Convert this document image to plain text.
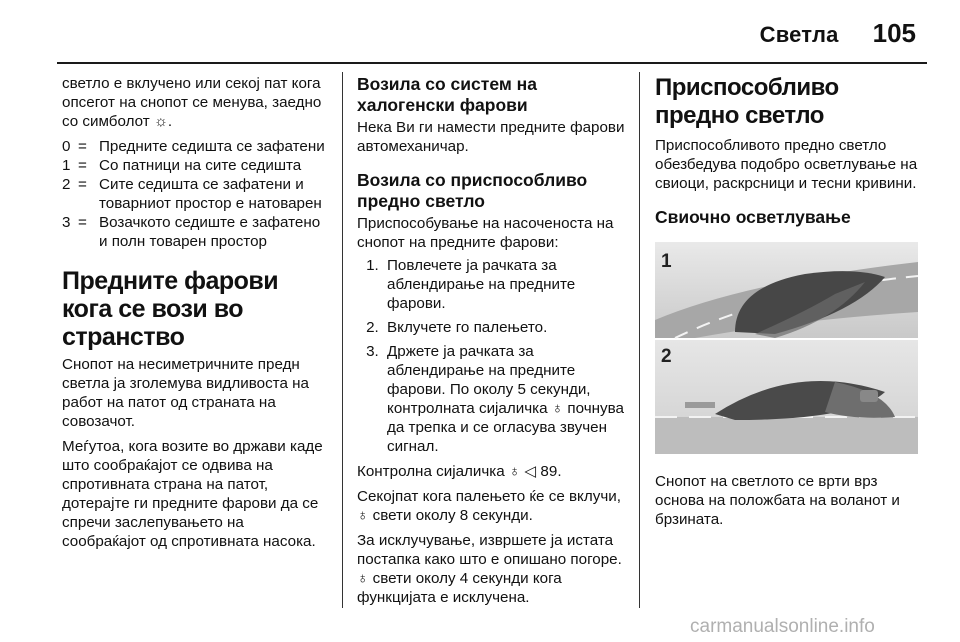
Светла 105

светло е вклучено или секој пат кога опсегот на снопот се менува, заедно со симболот ☼.

0 = Предните седишта се зафатени
1 = Со патници на сите седишта
2 = Сите седишта се зафатени и товарниот простор е натоварен
3 = Возачкото седиште е зафатено и полн товарен простор
Предните фарови кога се вози во странство

Снопот на несиметричните предн светла ја зголемува видливоста на работ на патот од страната на совозачот.

Меѓутоа, кога возите во држави каде што сообраќајот се одвива на спротивната страна на патот, дотерајте ги предните фарови да се спречи заслепувањето на сообраќајот од спротивната насока.

Возила со систем на халогенски фарови

Нека Ви ги намести предните фарови автомеханичар.

Возила со приспособливо предно светло

Приспособување на насоченоста на снопот на предните фарови:

1. Повлечете ја рачката за аблендирање на предните фарови.
2. Вклучете го палењето.
3. Држете ја рачката за аблендирање на предните фарови. По околу 5 секунди, контролната сијаличка ♁ почнува да трепка и се огласува звучен сигнал.

Контролна сијаличка ♁ ◁ 89.

Секојпат кога палењето ќе се вклучи, ♁ свети околу 8 секунди.

За исклучување, извршете ја истата постапка како што е опишано погоре. ♁ свети околу 4 секунди кога функцијата е исклучена.

Приспособливо предно светло

Приспособливото предно светло обезбедува подобро осветлување на свиоци, раскрсници и тесни кривини.

Свиочно осветлување
1
2

Снопот на светлото се врти врз основа на положбата на воланот и брзината.

carmanualsonline.info
